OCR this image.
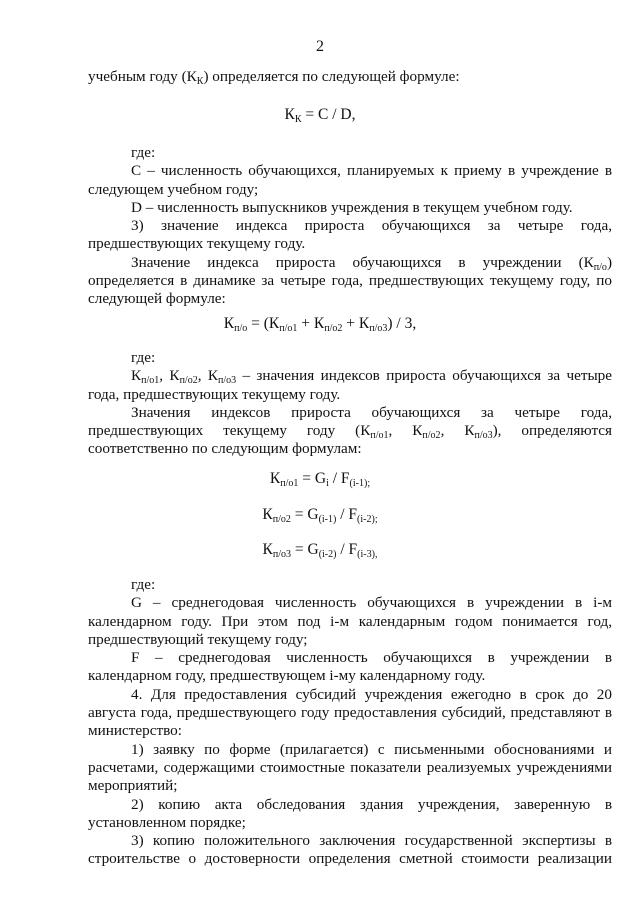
2

учебным году $(К_К)$ определяется по следующей формуле:

$К_К = С / D$,

где:

С – численность обучающихся, планируемых к приему в учреждение в следующем учебном году;

D – численность выпускников учреждения в текущем учебном году.

3) значение индекса прироста обучающихся за четыре года, предшествующих текущему году.

Значение индекса прироста обучающихся в учреждении $(К_{п/о})$ определяется в динамике за четыре года, предшествующих текущему году, по следующей формуле:

$К_{п/о} = (К_{п/о1} + К_{п/о2} + К_{п/о3}) / 3$,

где:

$К_{п/о1}$, $К_{п/о2}$, $К_{п/о3}$ – значения индексов прироста обучающихся за четыре года, предшествующих текущему году.

Значения индексов прироста обучающихся за четыре года, предшествующих текущему году ($К_{п/о1}$, $К_{п/о2}$, $К_{п/о3}$), определяются соответственно по следующим формулам:

$К_{п/о1} = G_i / F_{(i-1);}$
$К_{п/о2} = G_{(i-1)} / F_{(i-2);}$
$К_{п/о3} = G_{(i-2)} / F_{(i-3),}$

где:

G – среднегодовая численность обучающихся в учреждении в i-м календарном году. При этом под i-м календарным годом понимается год, предшествующий текущему году;

F – среднегодовая численность обучающихся в учреждении в календарном году, предшествующем i-му календарному году.

4. Для предоставления субсидий учреждения ежегодно в срок до 20 августа года, предшествующего году предоставления субсидий, представляют в министерство:

1) заявку по форме (прилагается) с письменными обоснованиями и расчетами, содержащими стоимостные показатели реализуемых учреждениями мероприятий;

2) копию акта обследования здания учреждения, заверенную в установленном порядке;

3) копию положительного заключения государственной экспертизы в строительстве о достоверности определения сметной стоимости реализации
